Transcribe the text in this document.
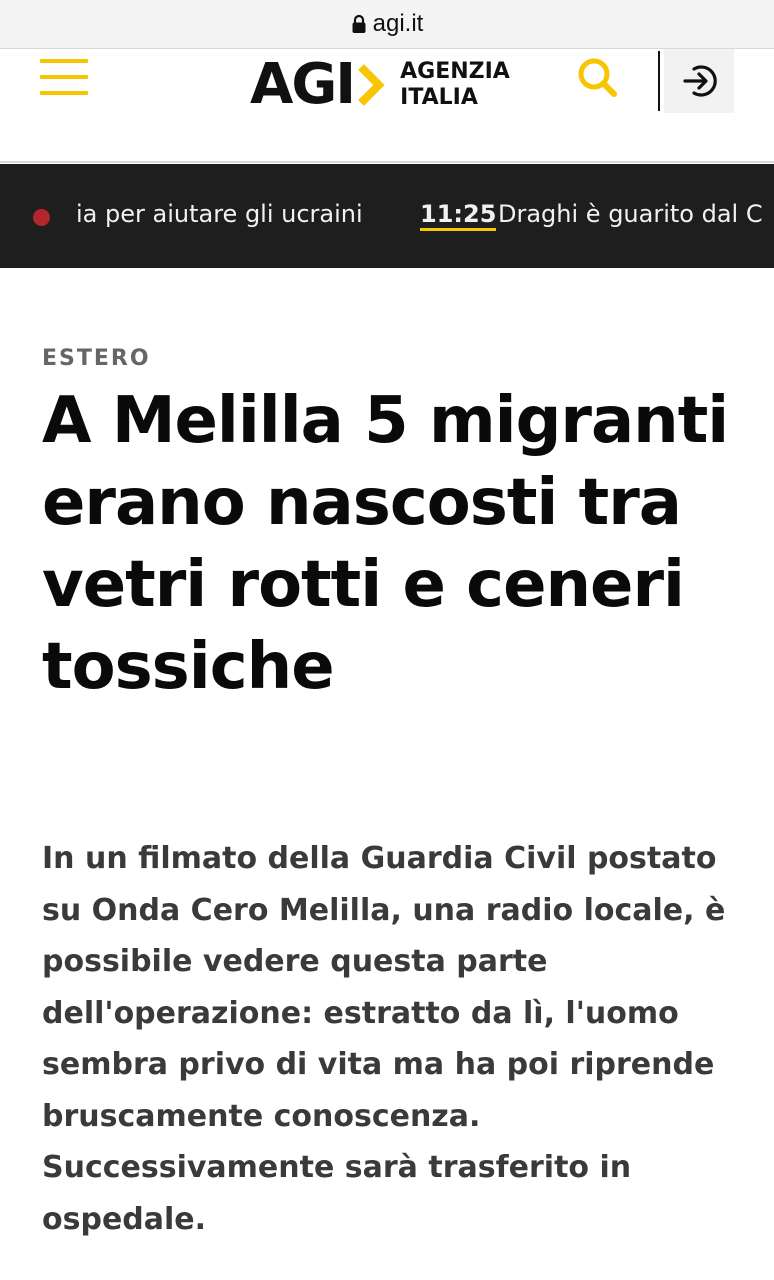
agi.it
AGI AGENZIA
ITALIA
ia per aiutare gli ucraini 11:25 Draghi è guarito dal C
ESTERO
A Melilla 5 migranti erano nascosti tra vetri rotti e ceneri tossiche

In un filmato della Guardia Civil postato su Onda Cero Melilla, una radio locale, è possibile vedere questa parte dell'operazione: estratto da lì, l'uomo sembra privo di vita ma ha poi riprende bruscamente conoscenza. Successivamente sarà trasferito in ospedale.
